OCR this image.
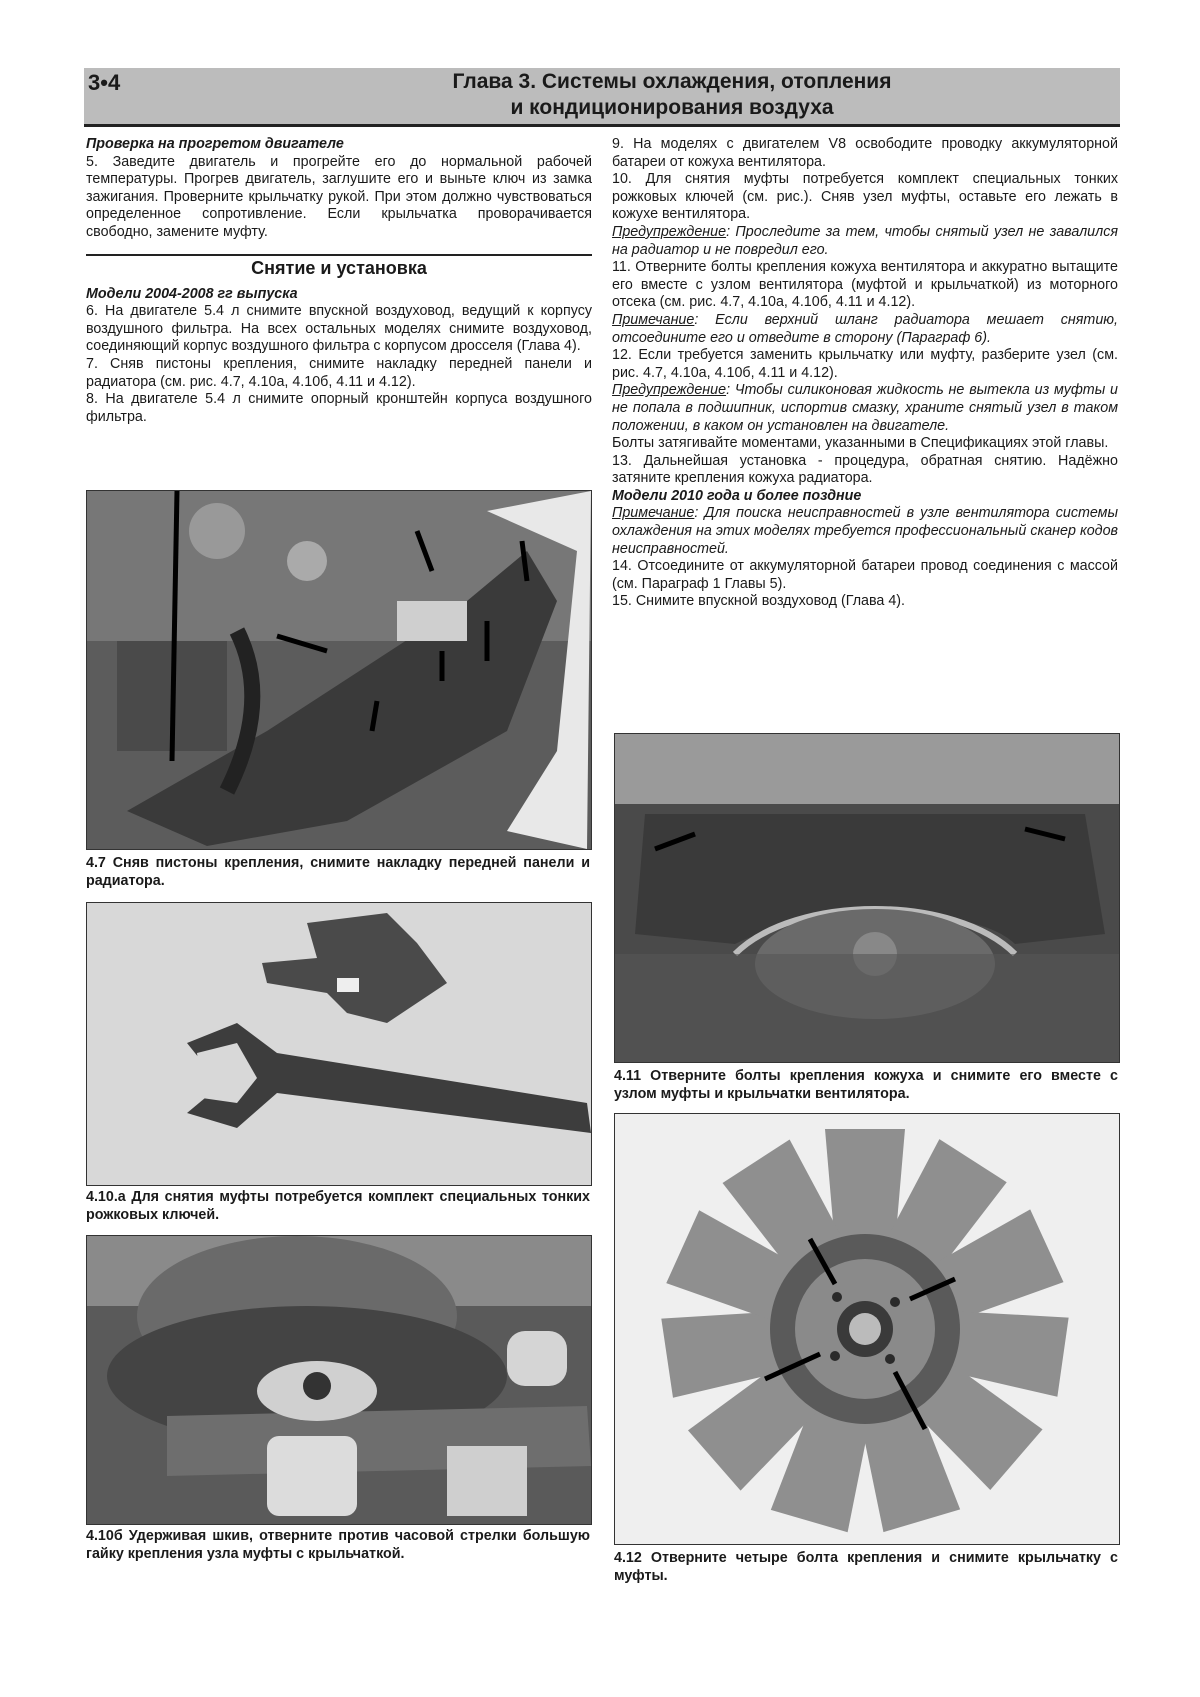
3•4	Глава 3. Системы охлаждения, отопления
и кондиционирования воздуха
Проверка на прогретом двигателе

5. Заведите двигатель и прогрейте его до нормальной рабочей температуры. Прогрев двигатель, заглушите его и выньте ключ из замка зажигания. Проверните крыльчатку рукой. При этом должно чувствоваться определенное сопротивление. Если крыльчатка проворачивается свободно, замените муфту.

Снятие и установка
Модели 2004-2008 гг выпуска

6. На двигателе 5.4 л снимите впускной воздуховод, ведущий к корпусу воздушного фильтра. На всех остальных моделях снимите воздуховод, соединяющий корпус воздушного фильтра с корпусом дросселя (Глава 4).

7. Сняв пистоны крепления, снимите накладку передней панели и радиатора (см. рис. 4.7, 4.10а, 4.10б, 4.11 и 4.12).

8. На двигателе 5.4 л снимите опорный кронштейн корпуса воздушного фильтра.

9. На моделях с двигателем V8 освободите проводку аккумуляторной батареи от кожуха вентилятора.

10. Для снятия муфты потребуется комплект специальных тонких рожковых ключей (см. рис.). Сняв узел муфты, оставьте его лежать в кожухе вентилятора.

Предупреждение: Проследите за тем, чтобы снятый узел не завалился на радиатор и не повредил его.

11. Отверните болты крепления кожуха вентилятора и аккуратно вытащите его вместе с узлом вентилятора (муфтой и крыльчаткой) из моторного отсека (см. рис. 4.7, 4.10а, 4.10б, 4.11 и 4.12).

Примечание: Если верхний шланг радиатора мешает снятию, отсоедините его и отведите в сторону (Параграф 6).

12. Если требуется заменить крыльчатку или муфту, разберите узел (см. рис. 4.7, 4.10а, 4.10б, 4.11 и 4.12).

Предупреждение: Чтобы силиконовая жидкость не вытекла из муфты и не попала в подшипник, испортив смазку, храните снятый узел в таком положении, в каком он установлен на двигателе.

Болты затягивайте моментами, указанными в Спецификациях этой главы.

13. Дальнейшая установка - процедура, обратная снятию. Надёжно затяните крепления кожуха радиатора.

Модели 2010 года и более поздние

Примечание: Для поиска неисправностей в узле вентилятора системы охлаждения на этих моделях требуется профессиональный сканер кодов неисправностей.

14. Отсоедините от аккумуляторной батареи провод соединения с массой (см. Параграф 1 Главы 5).

15. Снимите впускной воздуховод (Глава 4).

4.7 Сняв пистоны крепления, снимите накладку передней панели и радиатора.
4.10.а Для снятия муфты потребуется комплект специальных тонких рожковых ключей.
4.10б Удерживая шкив, отверните против часовой стрелки большую гайку крепления узла муфты с крыльчаткой.
4.11 Отверните болты крепления кожуха и снимите его вместе с узлом муфты и крыльчатки вентилятора.
4.12 Отверните четыре болта крепления и снимите крыльчатку с муфты.
